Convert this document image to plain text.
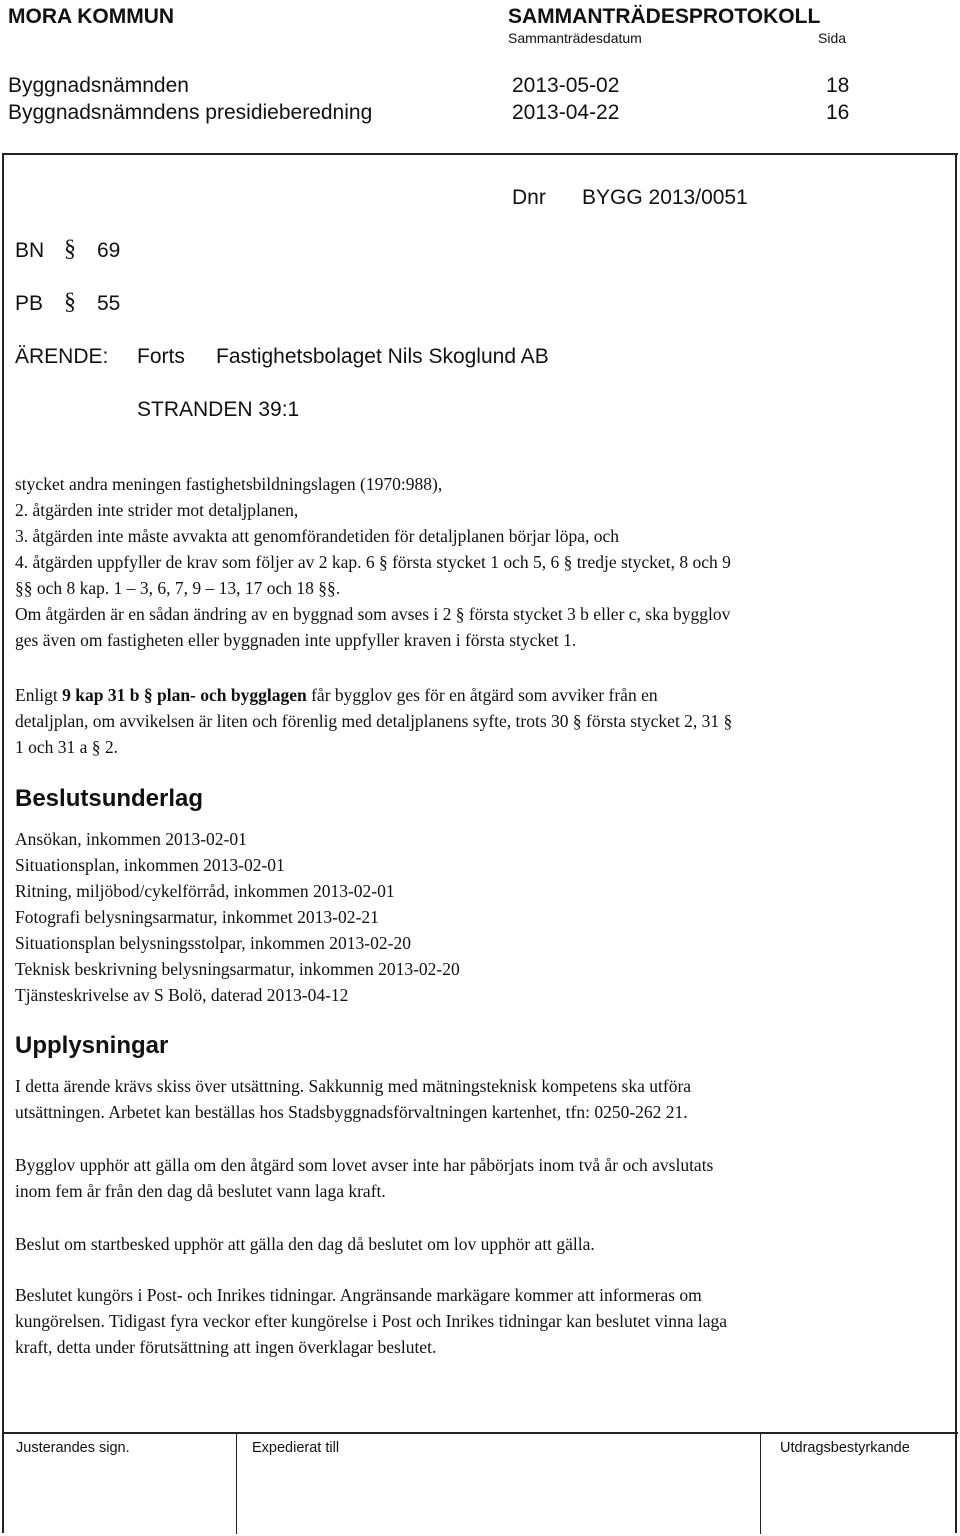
MORA KOMMUN	SAMMANTRÄDESPROTOKOLL
Sammanträdesdatum	Sida
Byggnadsnämnden	2013-05-02	18
Byggnadsnämndens presidieberedning	2013-04-22	16
Dnr BYGG 2013/0051
BN § 69
PB § 55
ÄRENDE: Forts Fastighetsbolaget Nils Skoglund AB
STRANDEN 39:1
stycket andra meningen fastighetsbildningslagen (1970:988),
2. åtgärden inte strider mot detaljplanen,
3. åtgärden inte måste avvakta att genomförandetiden för detaljplanen börjar löpa, och
4. åtgärden uppfyller de krav som följer av 2 kap. 6 § första stycket 1 och 5, 6 § tredje stycket, 8 och 9
§§ och 8 kap. 1 – 3, 6, 7, 9 – 13, 17 och 18 §§.
Om åtgärden är en sådan ändring av en byggnad som avses i 2 § första stycket 3 b eller c, ska bygglov
ges även om fastigheten eller byggnaden inte uppfyller kraven i första stycket 1.
Enligt 9 kap 31 b § plan- och bygglagen får bygglov ges för en åtgärd som avviker från en
detaljplan, om avvikelsen är liten och förenlig med detaljplanens syfte, trots 30 § första stycket 2, 31 §
1 och 31 a § 2.
Beslutsunderlag
Ansökan, inkommen 2013-02-01
Situationsplan, inkommen 2013-02-01
Ritning, miljöbod/cykelförråd, inkommen 2013-02-01
Fotografi belysningsarmatur, inkommet 2013-02-21
Situationsplan belysningsstolpar, inkommen 2013-02-20
Teknisk beskrivning belysningsarmatur, inkommen 2013-02-20
Tjänsteskrivelse av S Bolö, daterad 2013-04-12
Upplysningar
I detta ärende krävs skiss över utsättning. Sakkunnig med mätningsteknisk kompetens ska utföra
utsättningen. Arbetet kan beställas hos Stadsbyggnadsförvaltningen kartenhet, tfn: 0250-262 21.
Bygglov upphör att gälla om den åtgärd som lovet avser inte har påbörjats inom två år och avslutats
inom fem år från den dag då beslutet vann laga kraft.
Beslut om startbesked upphör att gälla den dag då beslutet om lov upphör att gälla.
Beslutet kungörs i Post- och Inrikes tidningar. Angränsande markägare kommer att informeras om
kungörelsen. Tidigast fyra veckor efter kungörelse i Post och Inrikes tidningar kan beslutet vinna laga
kraft, detta under förutsättning att ingen överklagar beslutet.
Justerandes sign.	Expedierat till	Utdragsbestyrkande
